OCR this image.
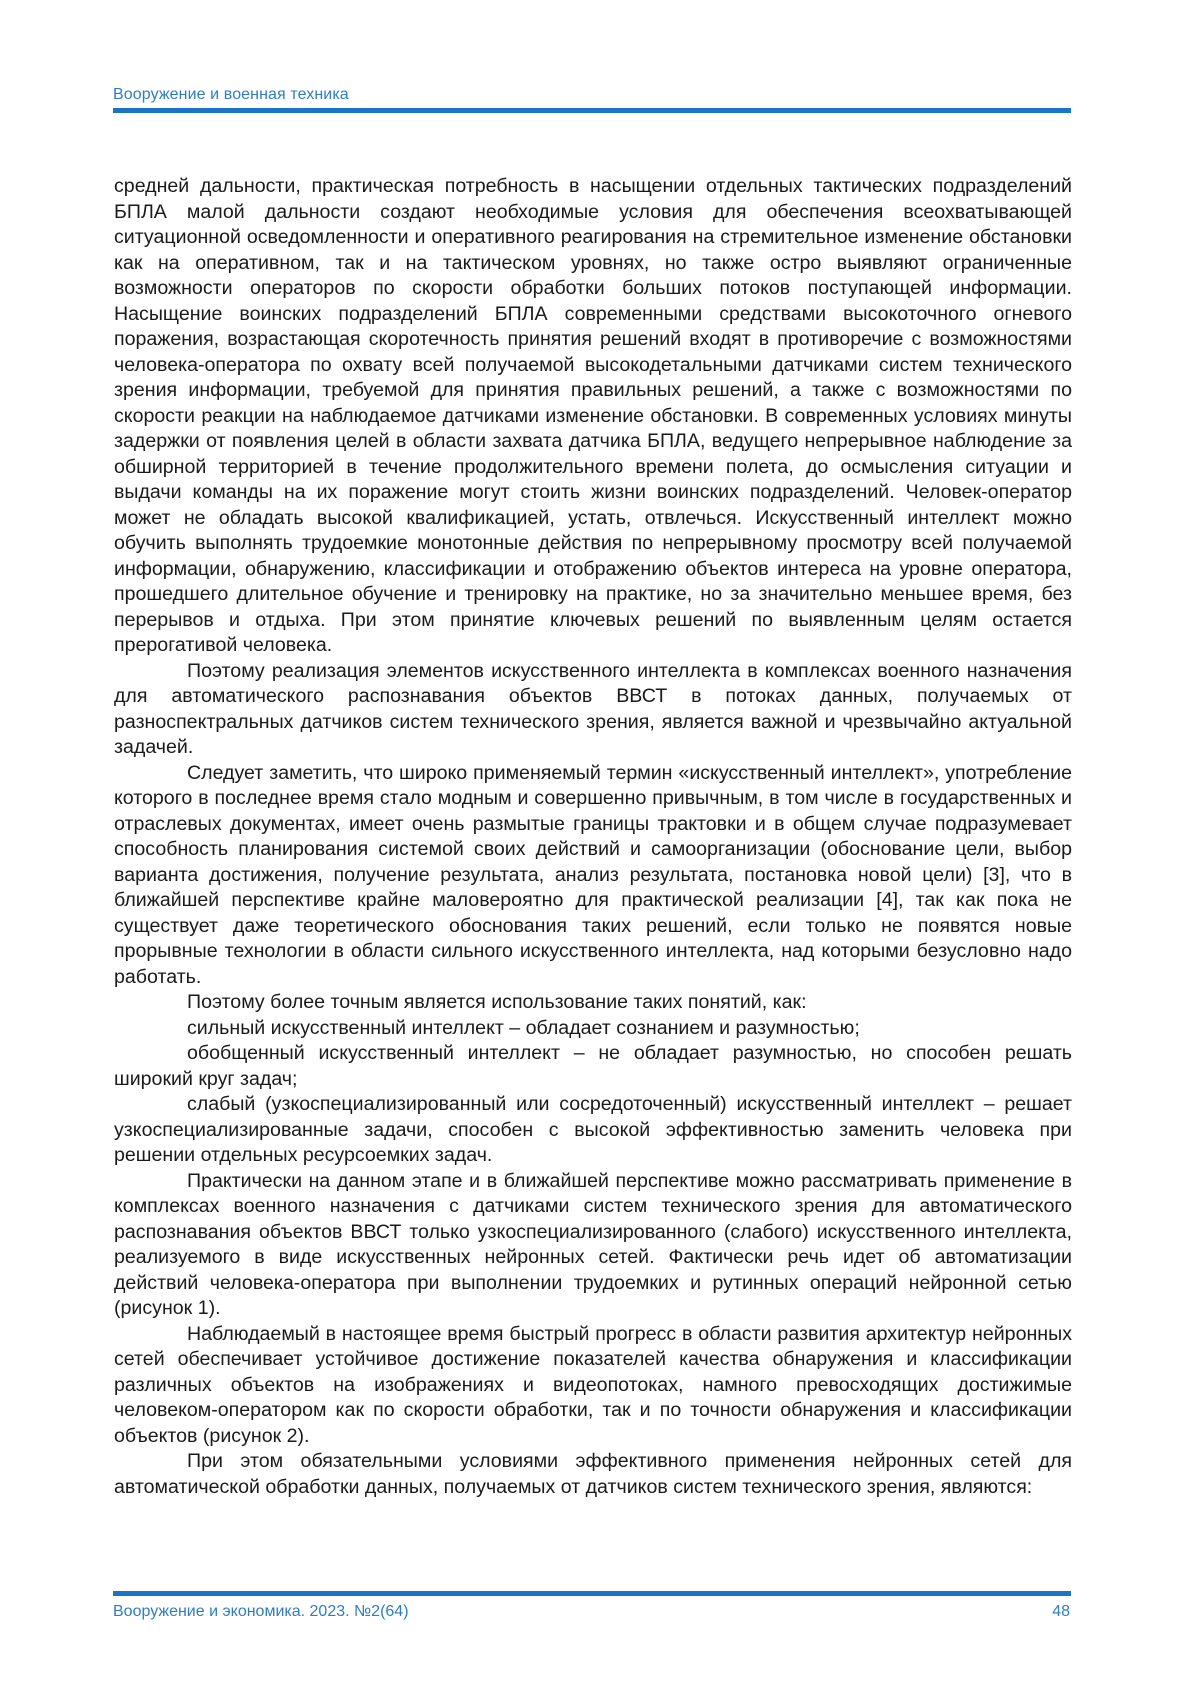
Вооружение и военная техника

средней дальности, практическая потребность в насыщении отдельных тактических подразделений БПЛА малой дальности создают необходимые условия для обеспечения всеохватывающей ситуационной осведомленности и оперативного реагирования на стремительное изменение обстановки как на оперативном, так и на тактическом уровнях, но также остро выявляют ограниченные возможности операторов по скорости обработки больших потоков поступающей информации. Насыщение воинских подразделений БПЛА современными средствами высокоточного огневого поражения, возрастающая скоротечность принятия решений входят в противоречие с возможностями человека-оператора по охвату всей получаемой высокодетальными датчиками систем технического зрения информации, требуемой для принятия правильных решений, а также с возможностями по скорости реакции на наблюдаемое датчиками изменение обстановки. В современных условиях минуты задержки от появления целей в области захвата датчика БПЛА, ведущего непрерывное наблюдение за обширной территорией в течение продолжительного времени полета, до осмысления ситуации и выдачи команды на их поражение могут стоить жизни воинских подразделений. Человек-оператор может не обладать высокой квалификацией, устать, отвлечься. Искусственный интеллект можно обучить выполнять трудоемкие монотонные действия по непрерывному просмотру всей получаемой информации, обнаружению, классификации и отображению объектов интереса на уровне оператора, прошедшего длительное обучение и тренировку на практике, но за значительно меньшее время, без перерывов и отдыха. При этом принятие ключевых решений по выявленным целям остается прерогативой человека.

Поэтому реализация элементов искусственного интеллекта в комплексах военного назначения для автоматического распознавания объектов ВВСТ в потоках данных, получаемых от разноспектральных датчиков систем технического зрения, является важной и чрезвычайно актуальной задачей.

Следует заметить, что широко применяемый термин «искусственный интеллект», употребление которого в последнее время стало модным и совершенно привычным, в том числе в государственных и отраслевых документах, имеет очень размытые границы трактовки и в общем случае подразумевает способность планирования системой своих действий и самоорганизации (обоснование цели, выбор варианта достижения, получение результата, анализ результата, постановка новой цели) [3], что в ближайшей перспективе крайне маловероятно для практической реализации [4], так как пока не существует даже теоретического обоснования таких решений, если только не появятся новые прорывные технологии в области сильного искусственного интеллекта, над которыми безусловно надо работать.

Поэтому более точным является использование таких понятий, как:

сильный искусственный интеллект – обладает сознанием и разумностью;

обобщенный искусственный интеллект – не обладает разумностью, но способен решать широкий круг задач;

слабый (узкоспециализированный или сосредоточенный) искусственный интеллект – решает узкоспециализированные задачи, способен с высокой эффективностью заменить человека при решении отдельных ресурсоемких задач.

Практически на данном этапе и в ближайшей перспективе можно рассматривать применение в комплексах военного назначения с датчиками систем технического зрения для автоматического распознавания объектов ВВСТ только узкоспециализированного (слабого) искусственного интеллекта, реализуемого в виде искусственных нейронных сетей. Фактически речь идет об автоматизации действий человека-оператора при выполнении трудоемких и рутинных операций нейронной сетью (рисунок 1).

Наблюдаемый в настоящее время быстрый прогресс в области развития архитектур нейронных сетей обеспечивает устойчивое достижение показателей качества обнаружения и классификации различных объектов на изображениях и видеопотоках, намного превосходящих достижимые человеком-оператором как по скорости обработки, так и по точности обнаружения и классификации объектов (рисунок 2).

При этом обязательными условиями эффективного применения нейронных сетей для автоматической обработки данных, получаемых от датчиков систем технического зрения, являются:

Вооружение и экономика. 2023. №2(64)	48
